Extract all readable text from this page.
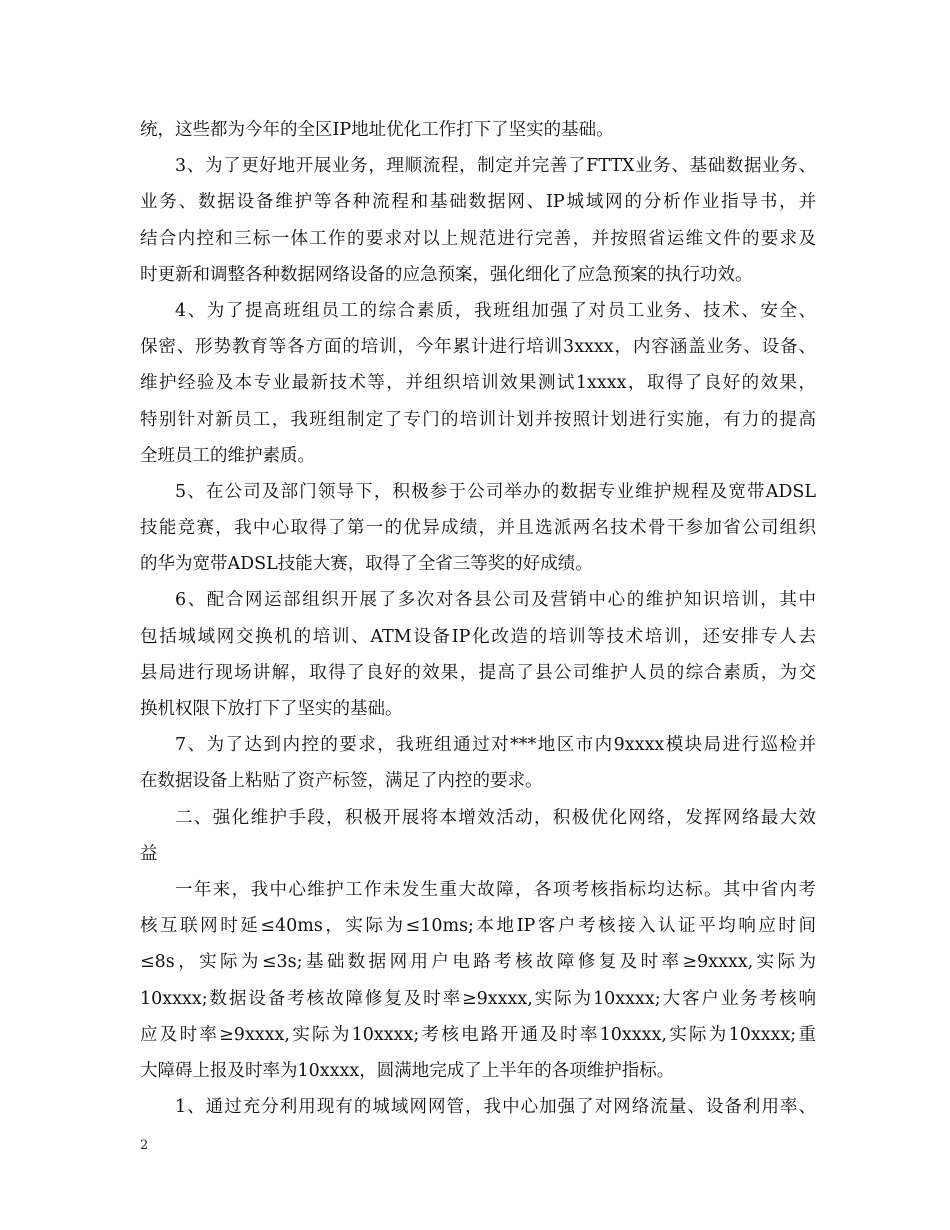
统，这些都为今年的全区IP地址优化工作打下了坚实的基础。
3、为了更好地开展业务，理顺流程，制定并完善了FTTX业务、基础数据业务、
业务、数据设备维护等各种流程和基础数据网、IP城域网的分析作业指导书，并
结合内控和三标一体工作的要求对以上规范进行完善，并按照省运维文件的要求及
时更新和调整各种数据网络设备的应急预案，强化细化了应急预案的执行功效。
4、为了提高班组员工的综合素质，我班组加强了对员工业务、技术、安全、
保密、形势教育等各方面的培训，今年累计进行培训3xxxx，内容涵盖业务、设备、
维护经验及本专业最新技术等，并组织培训效果测试1xxxx，取得了良好的效果，
特别针对新员工，我班组制定了专门的培训计划并按照计划进行实施，有力的提高
全班员工的维护素质。
5、在公司及部门领导下，积极参于公司举办的数据专业维护规程及宽带ADSL
技能竞赛，我中心取得了第一的优异成绩，并且选派两名技术骨干参加省公司组织
的华为宽带ADSL技能大赛，取得了全省三等奖的好成绩。
6、配合网运部组织开展了多次对各县公司及营销中心的维护知识培训，其中
包括城域网交换机的培训、ATM设备IP化改造的培训等技术培训，还安排专人去
县局进行现场讲解，取得了良好的效果，提高了县公司维护人员的综合素质，为交
换机权限下放打下了坚实的基础。
7、为了达到内控的要求，我班组通过对***地区市内9xxxx模块局进行巡检并
在数据设备上粘贴了资产标签，满足了内控的要求。
二、强化维护手段，积极开展将本增效活动，积极优化网络，发挥网络最大效
益
一年来，我中心维护工作未发生重大故障，各项考核指标均达标。其中省内考
核互联网时延≤40ms，实际为≤10ms;本地IP客户考核接入认证平均响应时间
≤8s，实际为≤3s;基础数据网用户电路考核故障修复及时率≥9xxxx,实际为
10xxxx;数据设备考核故障修复及时率≥9xxxx,实际为10xxxx;大客户业务考核响
应及时率≥9xxxx,实际为10xxxx;考核电路开通及时率10xxxx,实际为10xxxx;重
大障碍上报及时率为10xxxx，圆满地完成了上半年的各项维护指标。
1、通过充分利用现有的城域网网管，我中心加强了对网络流量、设备利用率、
2
